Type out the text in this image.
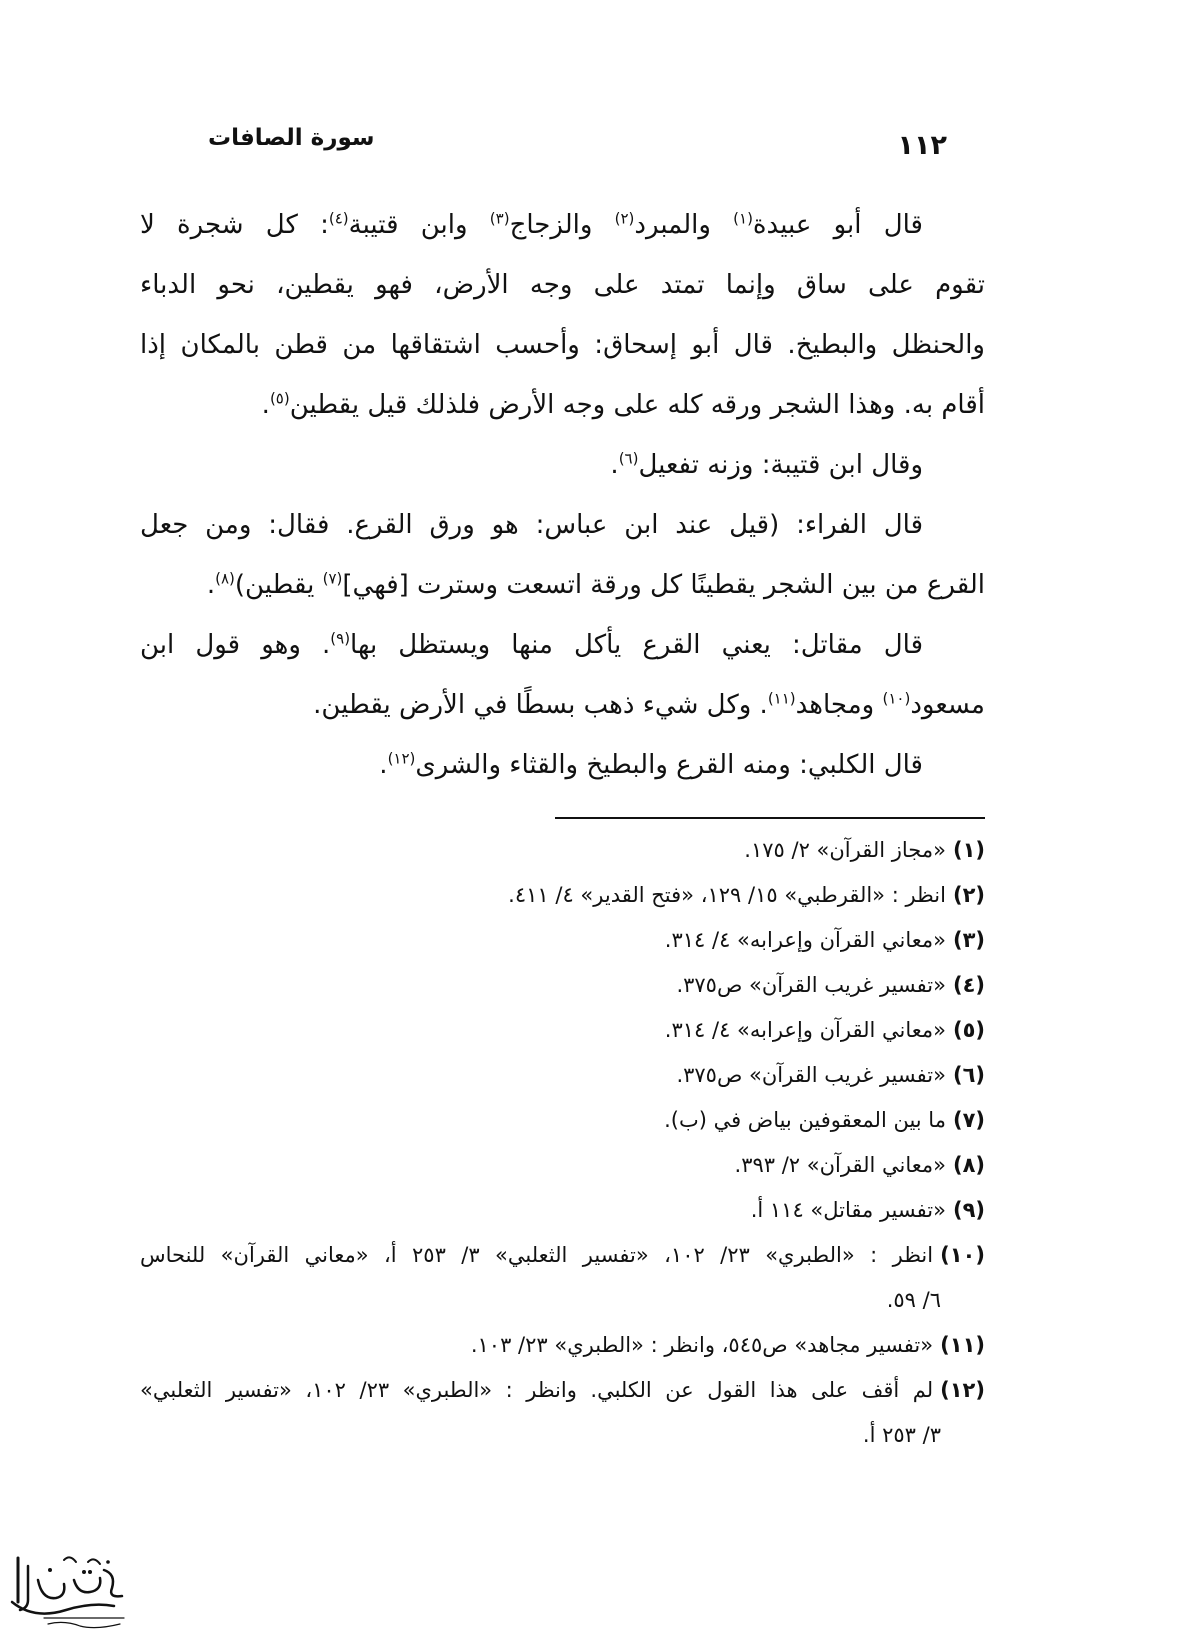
١١٢
سورة الصافات
قال أبو عبيدة$^{(١)}$ والمبرد$^{(٢)}$ والزجاج$^{(٣)}$ وابن قتيبة$^{(٤)}$: كل شجرة لا
تقوم على ساق وإنما تمتد على وجه الأرض، فهو يقطين، نحو الدباء
والحنظل والبطيخ. قال أبو إسحاق: وأحسب اشتقاقها من قطن بالمكان إذا
أقام به. وهذا الشجر ورقه كله على وجه الأرض فلذلك قيل يقطين$^{(٥)}$.
وقال ابن قتيبة: وزنه تفعيل$^{(٦)}$.
قال الفراء: (قيل عند ابن عباس: هو ورق القرع. فقال: ومن جعل
القرع من بين الشجر يقطينًا كل ورقة اتسعت وسترت [فهي]$^{(٧)}$ يقطين)$^{(٨)}$.
قال مقاتل: يعني القرع يأكل منها ويستظل بها$^{(٩)}$. وهو قول ابن
مسعود$^{(١٠)}$ ومجاهد$^{(١١)}$. وكل شيء ذهب بسطًا في الأرض يقطين.
قال الكلبي: ومنه القرع والبطيخ والقثاء والشرى$^{(١٢)}$.
(١)«مجاز القرآن» ٢/ ١٧٥.
(٢)انظر : «القرطبي» ١٥/ ١٢٩، «فتح القدير» ٤/ ٤١١.
(٣)«معاني القرآن وإعرابه» ٤/ ٣١٤.
(٤)«تفسير غريب القرآن» ص٣٧٥.
(٥)«معاني القرآن وإعرابه» ٤/ ٣١٤.
(٦)«تفسير غريب القرآن» ص٣٧٥.
(٧)ما بين المعقوفين بياض في (ب).
(٨)«معاني القرآن» ٢/ ٣٩٣.
(٩)«تفسير مقاتل» ١١٤ أ.
(١٠)انظر : «الطبري» ٢٣/ ١٠٢، «تفسير الثعلبي» ٣/ ٢٥٣ أ، «معاني القرآن» للنحاس
٦/ ٥٩.
(١١)«تفسير مجاهد» ص٥٤٥، وانظر : «الطبري» ٢٣/ ١٠٣.
(١٢)لم أقف على هذا القول عن الكلبي. وانظر : «الطبري» ٢٣/ ١٠٢، «تفسير الثعلبي»
٣/ ٢٥٣ أ.
